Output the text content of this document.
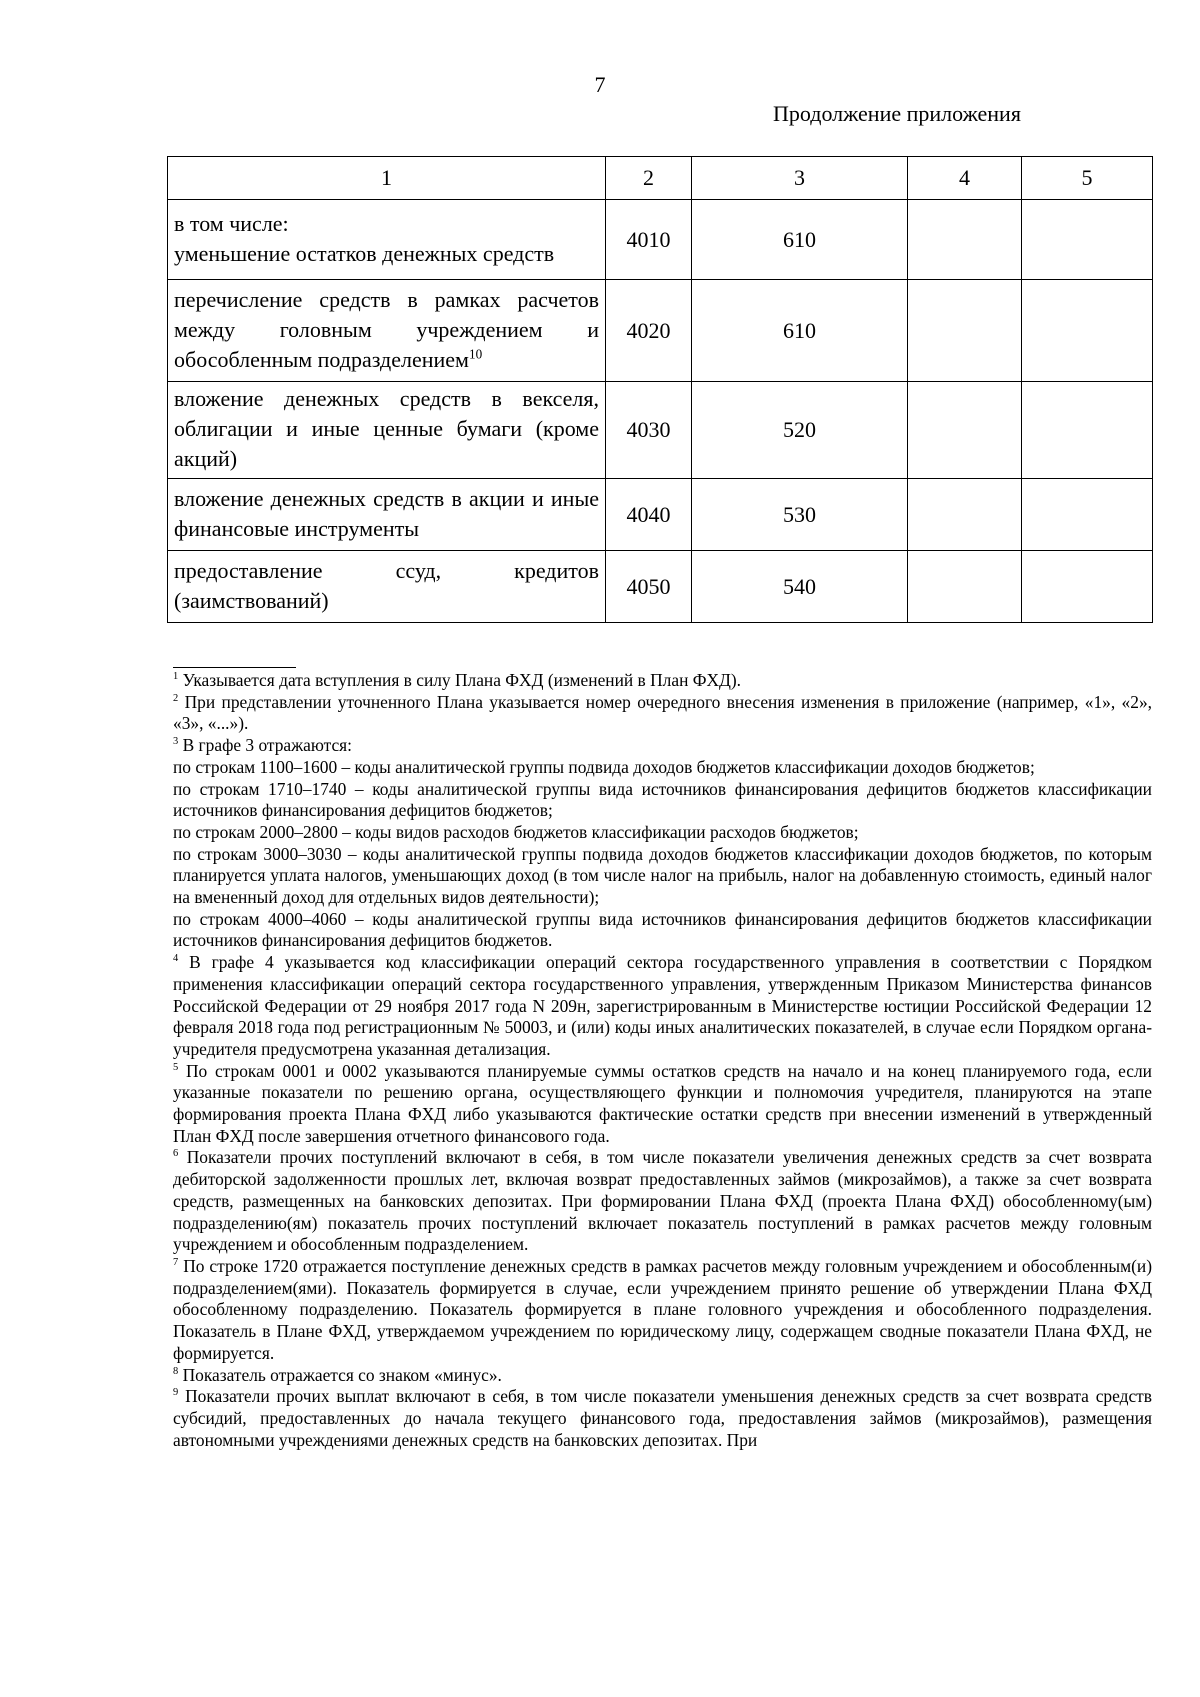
7
Продолжение приложения
1	2	3	4	5

в том числе:
уменьшение остатков денежных средств	4010	610		

перечисление средств в рамках расчетов между головным учреждением и обособленным подразделением$^{10}$	4020	610		

вложение денежных средств в векселя, облигации и иные ценные бумаги (кроме акций)	4030	520		

вложение денежных средств в акции и иные финансовые инструменты	4040	530		

предоставление ссуд, кредитов (заимствований)	4050	540		

$^1$ Указывается дата вступления в силу Плана ФХД (изменений в План ФХД).

$^2$ При представлении уточненного Плана указывается номер очередного внесения изменения в приложение (например, «1», «2», «3», «...»).

$^3$ В графе 3 отражаются:

по строкам 1100–1600 – коды аналитической группы подвида доходов бюджетов классификации доходов бюджетов;

по строкам 1710–1740 – коды аналитической группы вида источников финансирования дефицитов бюджетов классификации источников финансирования дефицитов бюджетов;

по строкам 2000–2800 – коды видов расходов бюджетов классификации расходов бюджетов;

по строкам 3000–3030 – коды аналитической группы подвида доходов бюджетов классификации доходов бюджетов, по которым планируется уплата налогов, уменьшающих доход (в том числе налог на прибыль, налог на добавленную стоимость, единый налог на вмененный доход для отдельных видов деятельности);

по строкам 4000–4060 – коды аналитической группы вида источников финансирования дефицитов бюджетов классификации источников финансирования дефицитов бюджетов.

$^4$ В графе 4 указывается код классификации операций сектора государственного управления в соответствии с Порядком применения классификации операций сектора государственного управления, утвержденным Приказом Министерства финансов Российской Федерации от 29 ноября 2017 года N 209н, зарегистрированным в Министерстве юстиции Российской Федерации 12 февраля 2018 года под регистрационным № 50003, и (или) коды иных аналитических показателей, в случае если Порядком органа-учредителя предусмотрена указанная детализация.

$^5$ По строкам 0001 и 0002 указываются планируемые суммы остатков средств на начало и на конец планируемого года, если указанные показатели по решению органа, осуществляющего функции и полномочия учредителя, планируются на этапе формирования проекта Плана ФХД либо указываются фактические остатки средств при внесении изменений в утвержденный План ФХД после завершения отчетного финансового года.

$^6$ Показатели прочих поступлений включают в себя, в том числе показатели увеличения денежных средств за счет возврата дебиторской задолженности прошлых лет, включая возврат предоставленных займов (микрозаймов), а также за счет возврата средств, размещенных на банковских депозитах. При формировании Плана ФХД (проекта Плана ФХД) обособленному(ым) подразделению(ям) показатель прочих поступлений включает показатель поступлений в рамках расчетов между головным учреждением и обособленным подразделением.

$^7$ По строке 1720 отражается поступление денежных средств в рамках расчетов между головным учреждением и обособленным(и) подразделением(ями). Показатель формируется в случае, если учреждением принято решение об утверждении Плана ФХД обособленному подразделению. Показатель формируется в плане головного учреждения и обособленного подразделения. Показатель в Плане ФХД, утверждаемом учреждением по юридическому лицу, содержащем сводные показатели Плана ФХД, не формируется.

$^8$ Показатель отражается со знаком «минус».

$^9$ Показатели прочих выплат включают в себя, в том числе показатели уменьшения денежных средств за счет возврата средств субсидий, предоставленных до начала текущего финансового года, предоставления займов (микрозаймов), размещения автономными учреждениями денежных средств на банковских депозитах. При
